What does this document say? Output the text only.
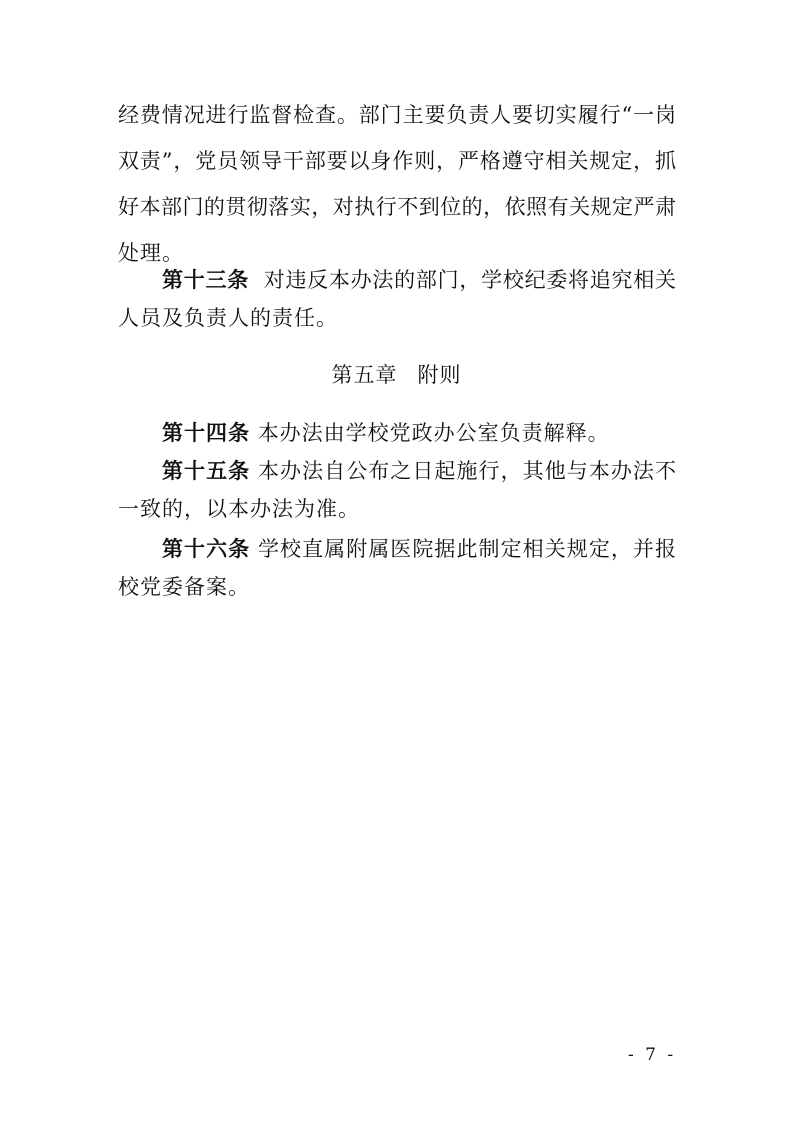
经费情况进行监督检查。部门主要负责人要切实履行“一岗
双责”，党员领导干部要以身作则，严格遵守相关规定，抓
好本部门的贯彻落实，对执行不到位的，依照有关规定严肃
处理。
第十三条 对违反本办法的部门，学校纪委将追究相关
人员及负责人的责任。
第五章 附则
第十四条 本办法由学校党政办公室负责解释。
第十五条 本办法自公布之日起施行，其他与本办法不
一致的，以本办法为准。
第十六条 学校直属附属医院据此制定相关规定，并报
校党委备案。
- 7 -
